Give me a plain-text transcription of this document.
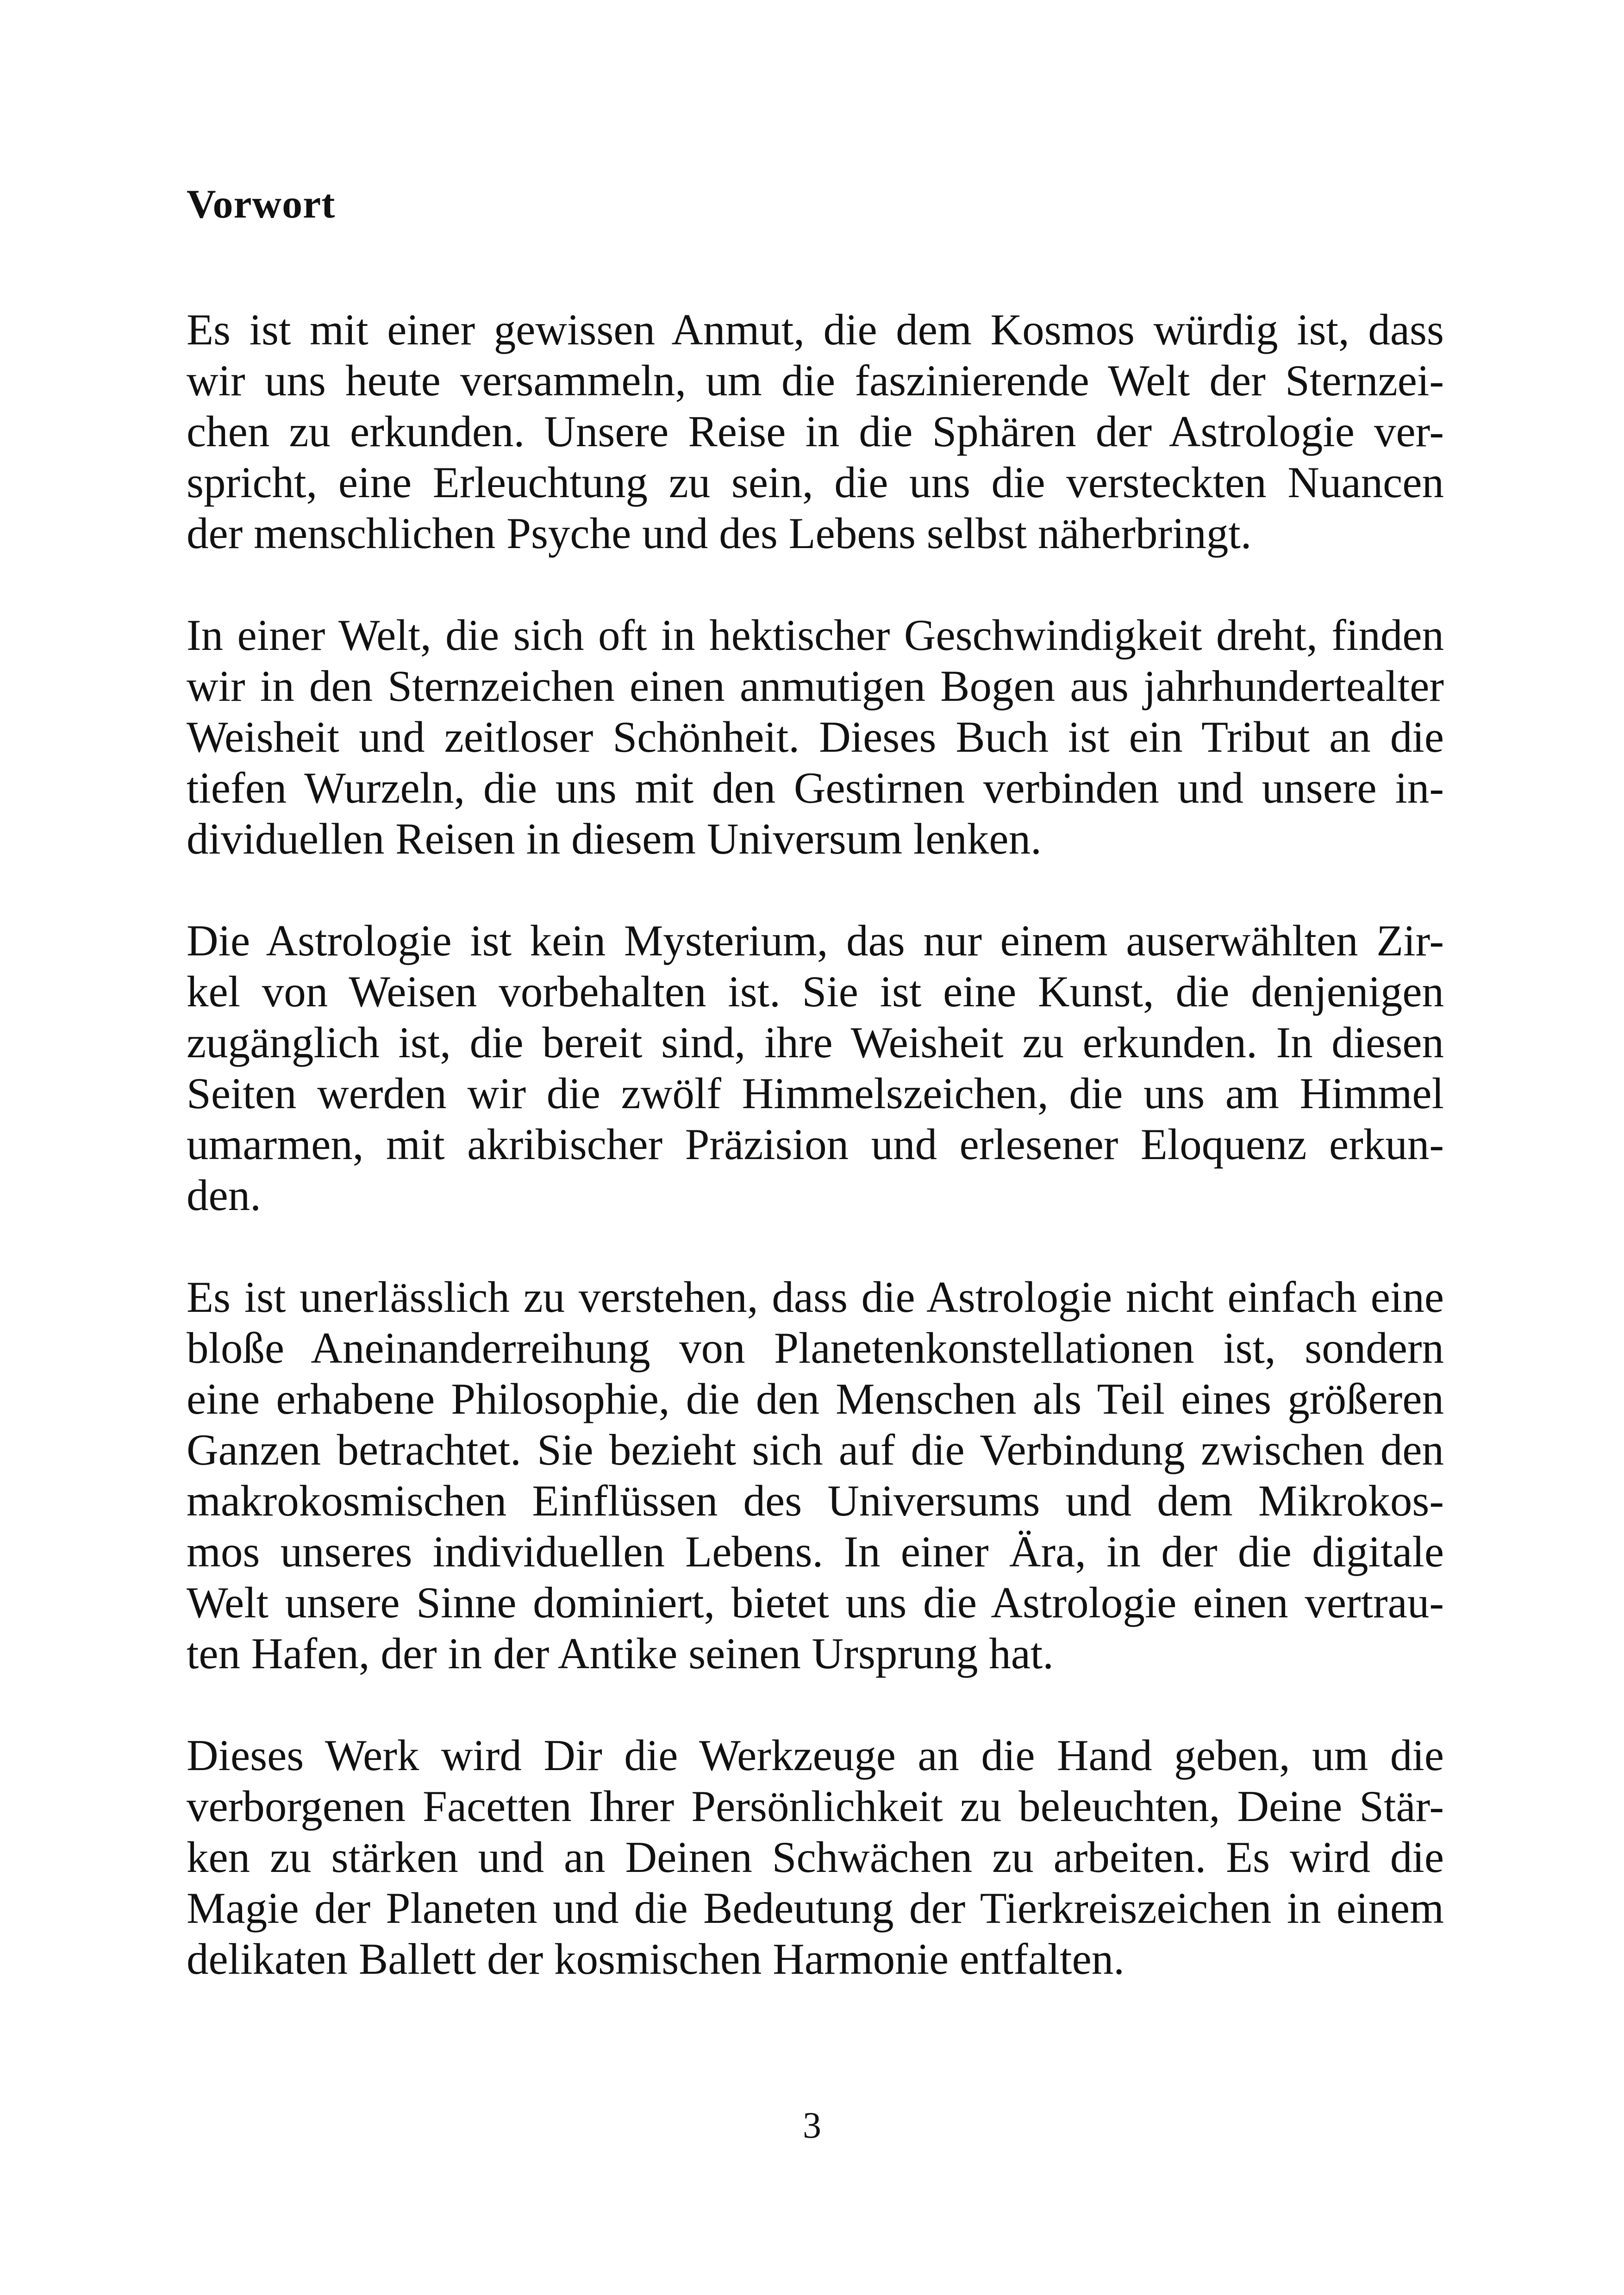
Vorwort
Es ist mit einer gewissen Anmut, die dem Kosmos würdig ist, dass
wir uns heute versammeln, um die faszinierende Welt der Sternzei-
chen zu erkunden. Unsere Reise in die Sphären der Astrologie ver-
spricht, eine Erleuchtung zu sein, die uns die versteckten Nuancen
der menschlichen Psyche und des Lebens selbst näherbringt.
In einer Welt, die sich oft in hektischer Geschwindigkeit dreht, finden
wir in den Sternzeichen einen anmutigen Bogen aus jahrhundertealter
Weisheit und zeitloser Schönheit. Dieses Buch ist ein Tribut an die
tiefen Wurzeln, die uns mit den Gestirnen verbinden und unsere in-
dividuellen Reisen in diesem Universum lenken.
Die Astrologie ist kein Mysterium, das nur einem auserwählten Zir-
kel von Weisen vorbehalten ist. Sie ist eine Kunst, die denjenigen
zugänglich ist, die bereit sind, ihre Weisheit zu erkunden. In diesen
Seiten werden wir die zwölf Himmelszeichen, die uns am Himmel
umarmen, mit akribischer Präzision und erlesener Eloquenz erkun-
den.
Es ist unerlässlich zu verstehen, dass die Astrologie nicht einfach eine
bloße Aneinanderreihung von Planetenkonstellationen ist, sondern
eine erhabene Philosophie, die den Menschen als Teil eines größeren
Ganzen betrachtet. Sie bezieht sich auf die Verbindung zwischen den
makrokosmischen Einflüssen des Universums und dem Mikrokos-
mos unseres individuellen Lebens. In einer Ära, in der die digitale
Welt unsere Sinne dominiert, bietet uns die Astrologie einen vertrau-
ten Hafen, der in der Antike seinen Ursprung hat.
Dieses Werk wird Dir die Werkzeuge an die Hand geben, um die
verborgenen Facetten Ihrer Persönlichkeit zu beleuchten, Deine Stär-
ken zu stärken und an Deinen Schwächen zu arbeiten. Es wird die
Magie der Planeten und die Bedeutung der Tierkreiszeichen in einem
delikaten Ballett der kosmischen Harmonie entfalten.
3
